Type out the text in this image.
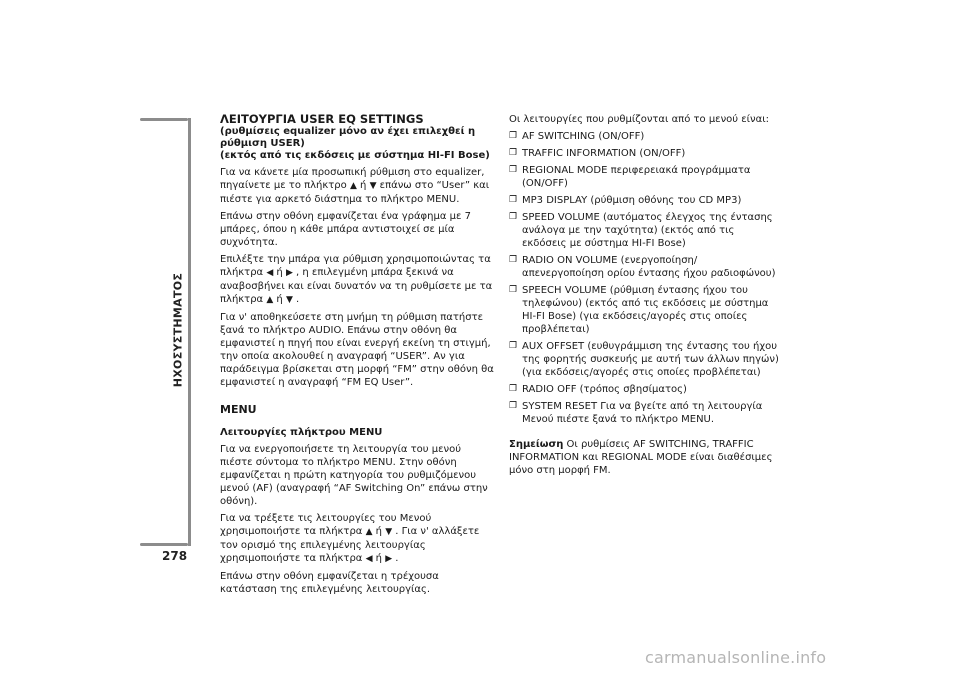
ΗΧΟΣΥΣΤΗΜΑΤΟΣ
278

ΛΕΙΤΟΥΡΓΙΑ USER EQ SETTINGS

(ρυθμίσεις equalizer μόνο αν έχει επιλεχθεί η ρύθμιση USER)

(εκτός από τις εκδόσεις με σύστημα HI-FI Bose)

Για να κάνετε μία προσωπική ρύθμιση στο equalizer, πηγαίνετε με το πλήκτρο ▲ ή ▼ επάνω στο “User” και πιέστε για αρκετό διάστημα το πλήκτρο MENU.

Επάνω στην οθόνη εμφανίζεται ένα γράφημα με 7 μπάρες, όπου η κάθε μπάρα αντιστοιχεί σε μία συχνότητα.

Επιλέξτε την μπάρα για ρύθμιση χρησιμοποιώντας τα πλήκτρα ◀ ή ▶ , η επιλεγμένη μπάρα ξεκινά να αναβοσβήνει και είναι δυνατόν να τη ρυθμίσετε με τα πλήκτρα ▲ ή ▼ .

Για ν' αποθηκεύσετε στη μνήμη τη ρύθμιση πατήστε ξανά το πλήκτρο AUDIO. Επάνω στην οθόνη θα εμφανιστεί η πηγή που είναι ενεργή εκείνη τη στιγμή, την οποία ακολουθεί η αναγραφή “USER”. Αν για παράδειγμα βρίσκεται στη μορφή “FM” στην οθόνη θα εμφανιστεί η αναγραφή “FM EQ User”.

MENU

Λειτουργίες πλήκτρου MENU

Για να ενεργοποιήσετε τη λειτουργία του μενού πιέστε σύντομα το πλήκτρο MENU. Στην οθόνη εμφανίζεται η πρώτη κατηγορία του ρυθμιζόμενου μενού (AF) (αναγραφή “AF Switching On” επάνω στην οθόνη).

Για να τρέξετε τις λειτουργίες του Μενού χρησιμοποιήστε τα πλήκτρα ▲ ή ▼ . Για ν' αλλάξετε τον ορισμό της επιλεγμένης λειτουργίας χρησιμοποιήστε τα πλήκτρα ◀ ή ▶ .

Επάνω στην οθόνη εμφανίζεται η τρέχουσα κατάσταση της επιλεγμένης λειτουργίας.

Οι λειτουργίες που ρυθμίζονται από το μενού είναι:

❐ AF SWITCHING (ON/OFF)
❐ TRAFFIC INFORMATION (ON/OFF)
❐ REGIONAL MODE περιφερειακά προγράμματα (ON/OFF)
❐ MP3 DISPLAY (ρύθμιση οθόνης του CD MP3)
❐ SPEED VOLUME (αυτόματος έλεγχος της έντασης ανάλογα με την ταχύτητα) (εκτός από τις εκδόσεις με σύστημα HI-FI Bose)
❐ RADIO ON VOLUME (ενεργοποίηση/απενεργοποίηση ορίου έντασης ήχου ραδιοφώνου)
❐ SPEECH VOLUME (ρύθμιση έντασης ήχου του τηλεφώνου) (εκτός από τις εκδόσεις με σύστημα HI-FI Bose) (για εκδόσεις/αγορές στις οποίες προβλέπεται)
❐ AUX OFFSET (ευθυγράμμιση της έντασης του ήχου της φορητής συσκευής με αυτή των άλλων πηγών) (για εκδόσεις/αγορές στις οποίες προβλέπεται)
❐ RADIO OFF (τρόπος σβησίματος)
❐ SYSTEM RESET Για να βγείτε από τη λειτουργία Μενού πιέστε ξανά το πλήκτρο MENU.

Σημείωση Οι ρυθμίσεις AF SWITCHING, TRAFFIC INFORMATION και REGIONAL MODE είναι διαθέσιμες μόνο στη μορφή FM.

carmanualsonline.info
